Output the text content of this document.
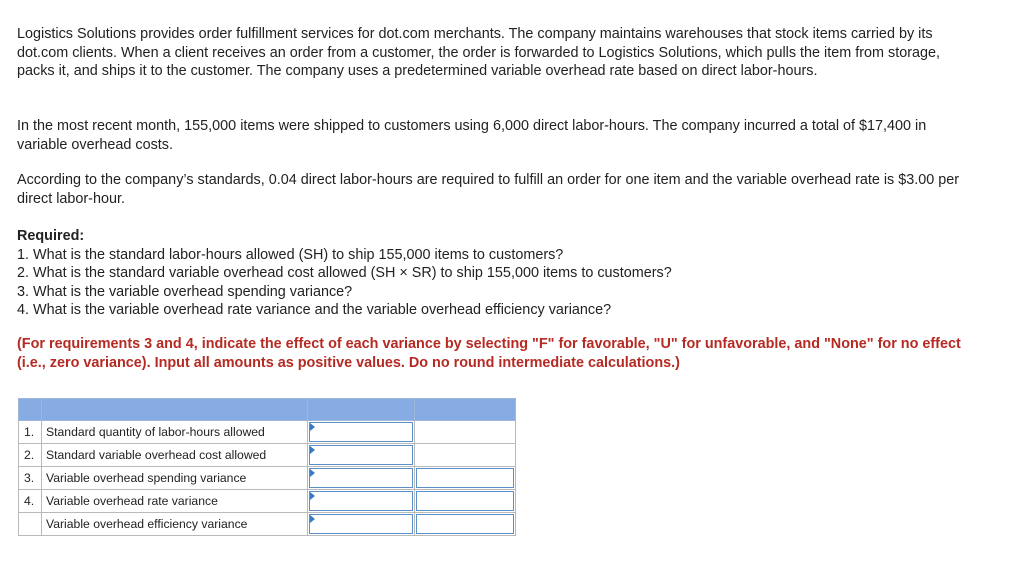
Logistics Solutions provides order fulfillment services for dot.com merchants. The company maintains warehouses that stock items carried by its dot.com clients. When a client receives an order from a customer, the order is forwarded to Logistics Solutions, which pulls the item from storage, packs it, and ships it to the customer. The company uses a predetermined variable overhead rate based on direct labor-hours.

In the most recent month, 155,000 items were shipped to customers using 6,000 direct labor-hours. The company incurred a total of $17,400 in variable overhead costs.

According to the company’s standards, 0.04 direct labor-hours are required to fulfill an order for one item and the variable overhead rate is $3.00 per direct labor-hour.

Required:
1. What is the standard labor-hours allowed (SH) to ship 155,000 items to customers?
2. What is the standard variable overhead cost allowed (SH × SR) to ship 155,000 items to customers?
3. What is the variable overhead spending variance?
4. What is the variable overhead rate variance and the variable overhead efficiency variance?

(For requirements 3 and 4, indicate the effect of each variance by selecting "F" for favorable, "U" for unfavorable, and "None" for no effect (i.e., zero variance). Input all amounts as positive values. Do no round intermediate calculations.)

1.	Standard quantity of labor-hours allowed	

2.	Standard variable overhead cost allowed	

3.	Variable overhead spending variance	

4.	Variable overhead rate variance	

	Variable overhead efficiency variance	
